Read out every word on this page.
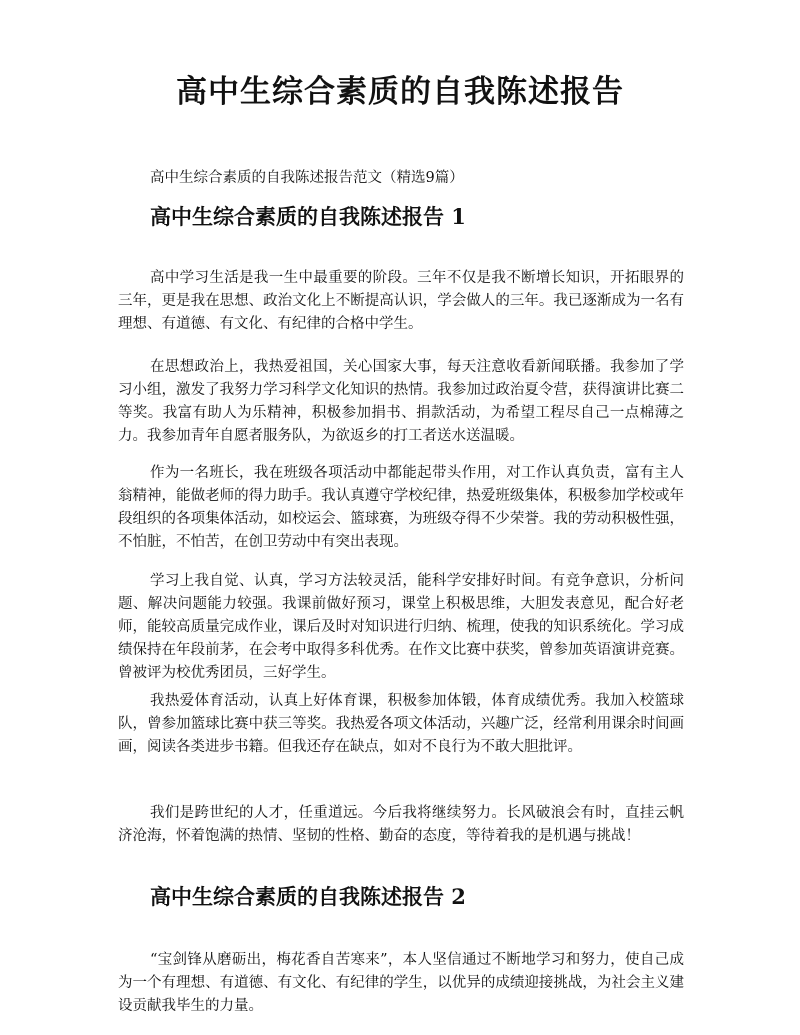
高中生综合素质的自我陈述报告

高中生综合素质的自我陈述报告范文（精选9篇）

高中生综合素质的自我陈述报告 1

高中学习生活是我一生中最重要的阶段。三年不仅是我不断增长知识，开拓眼界的三年，更是我在思想、政治文化上不断提高认识，学会做人的三年。我已逐渐成为一名有理想、有道德、有文化、有纪律的合格中学生。

在思想政治上，我热爱祖国，关心国家大事，每天注意收看新闻联播。我参加了学习小组，激发了我努力学习科学文化知识的热情。我参加过政治夏令营，获得演讲比赛二等奖。我富有助人为乐精神，积极参加捐书、捐款活动，为希望工程尽自己一点棉薄之力。我参加青年自愿者服务队，为欲返乡的打工者送水送温暖。

作为一名班长，我在班级各项活动中都能起带头作用，对工作认真负责，富有主人翁精神，能做老师的得力助手。我认真遵守学校纪律，热爱班级集体，积极参加学校或年段组织的各项集体活动，如校运会、篮球赛，为班级夺得不少荣誉。我的劳动积极性强，不怕脏，不怕苦，在创卫劳动中有突出表现。

学习上我自觉、认真，学习方法较灵活，能科学安排好时间。有竞争意识，分析问题、解决问题能力较强。我课前做好预习，课堂上积极思维，大胆发表意见，配合好老师，能较高质量完成作业，课后及时对知识进行归纳、梳理，使我的知识系统化。学习成绩保持在年段前茅，在会考中取得多科优秀。在作文比赛中获奖，曾参加英语演讲竞赛。曾被评为校优秀团员，三好学生。

我热爱体育活动，认真上好体育课，积极参加体锻，体育成绩优秀。我加入校篮球队，曾参加篮球比赛中获三等奖。我热爱各项文体活动，兴趣广泛，经常利用课余时间画画，阅读各类进步书籍。但我还存在缺点，如对不良行为不敢大胆批评。

我们是跨世纪的人才，任重道远。今后我将继续努力。长风破浪会有时，直挂云帆济沧海，怀着饱满的热情、坚韧的性格、勤奋的态度，等待着我的是机遇与挑战！

高中生综合素质的自我陈述报告 2

“宝剑锋从磨砺出，梅花香自苦寒来”，本人坚信通过不断地学习和努力，使自己成为一个有理想、有道德、有文化、有纪律的学生，以优异的成绩迎接挑战，为社会主义建设贡献我毕生的力量。
